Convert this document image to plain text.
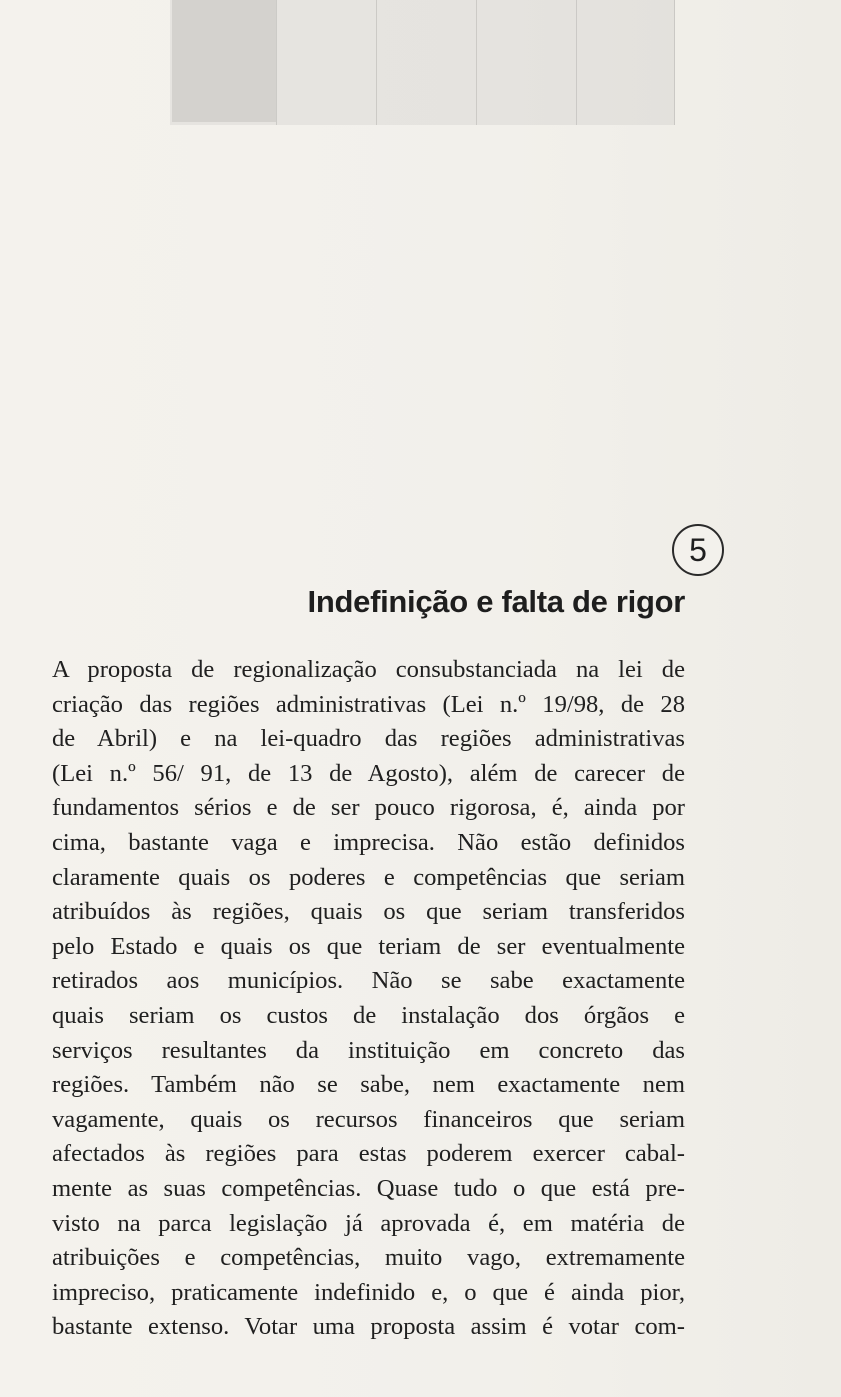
5
Indefinição e falta de rigor
A proposta de regionalização consubstanciada na lei de
criação das regiões administrativas (Lei n.º 19/98, de 28
de Abril) e na lei-quadro das regiões administrativas
(Lei n.º 56/ 91, de 13 de Agosto), além de carecer de
fundamentos sérios e de ser pouco rigorosa, é, ainda por
cima, bastante vaga e imprecisa. Não estão definidos
claramente quais os poderes e competências que seriam
atribuídos às regiões, quais os que seriam transferidos
pelo Estado e quais os que teriam de ser eventualmente
retirados aos municípios. Não se sabe exactamente
quais seriam os custos de instalação dos órgãos e
serviços resultantes da instituição em concreto das
regiões. Também não se sabe, nem exactamente nem
vagamente, quais os recursos financeiros que seriam
afectados às regiões para estas poderem exercer cabal-
mente as suas competências. Quase tudo o que está pre-
visto na parca legislação já aprovada é, em matéria de
atribuições e competências, muito vago, extremamente
impreciso, praticamente indefinido e, o que é ainda pior,
bastante extenso. Votar uma proposta assim é votar com-
